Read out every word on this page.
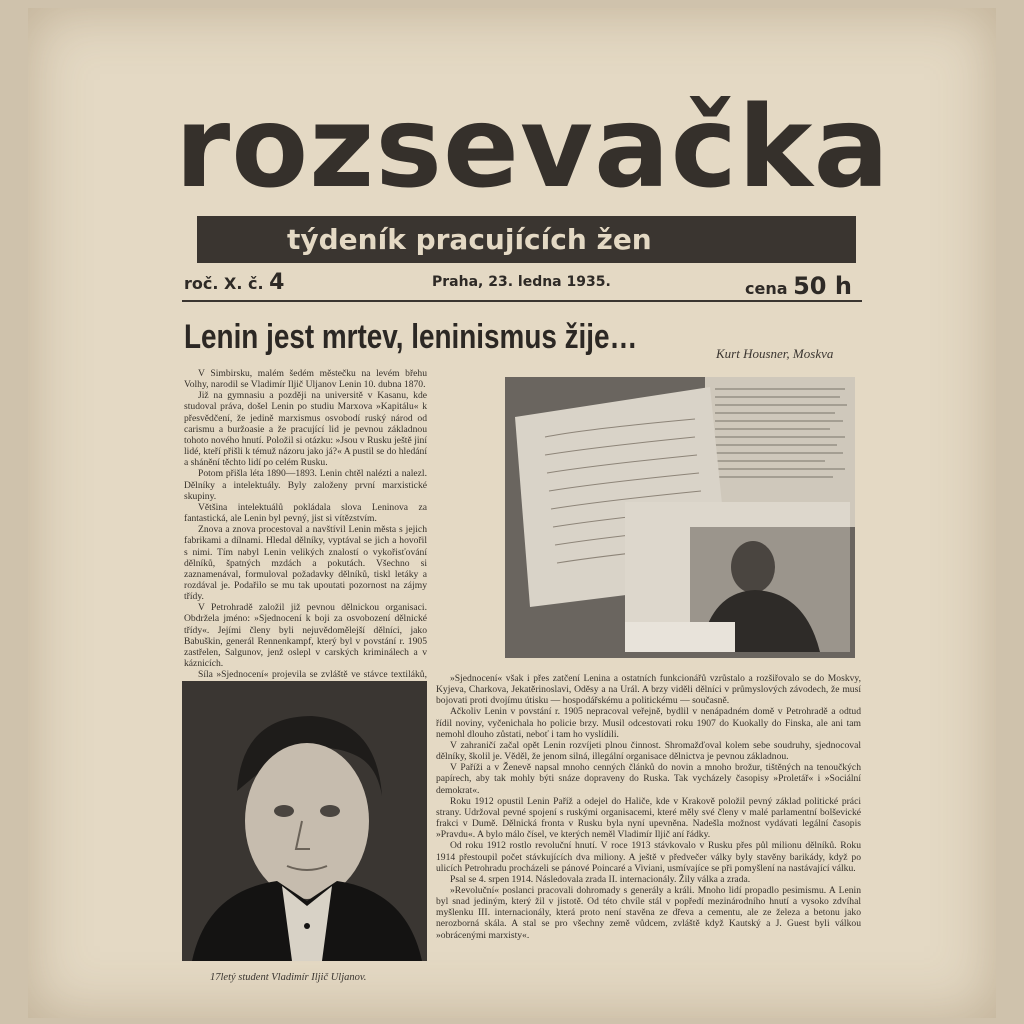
rozsevačka
týdeník pracujících žen
roč. X. č. 4	Praha, 23. ledna 1935.	cena 50 h
Lenin jest mrtev, leninismus žije…	Kurt Housner, Moskva

V Simbirsku, malém šedém městečku na levém břehu Volhy, narodil se Vladimír Iljič Uljanov Lenin 10. dubna 1870.

Již na gymnasiu a později na universitě v Kasanu, kde studoval práva, došel Lenin po studiu Marxova »Kapitálu« k přesvědčení, že jedině marxismus osvobodí ruský národ od carismu a buržoasie a že pracující lid je pevnou základnou tohoto nového hnutí. Položil si otázku: »Jsou v Rusku ještě jiní lidé, kteří přišli k témuž názoru jako já?« A pustil se do hledání a shánění těchto lidí po celém Rusku.

Potom přišla léta 1890—1893. Lenin chtěl nalézti a nalezl. Dělníky a intelektuály. Byly založeny první marxistické skupiny.

Většina intelektuálů pokládala slova Leninova za fantastická, ale Lenin byl pevný, jist si vítězstvím.

Znova a znova procestoval a navštívil Lenin města s jejich fabrikami a dílnami. Hledal dělníky, vyptával se jich a hovořil s nimi. Tím nabyl Lenin velikých znalostí o vykořisťování dělníků, špatných mzdách a pokutách. Všechno si zaznamenával, formuloval požadavky dělníků, tiskl letáky a rozdával je. Podařilo se mu tak upoutati pozornost na zájmy třídy.

V Petrohradě založil již pevnou dělnickou organisaci. Obdržela jméno: »Sjednocení k boji za osvobození dělnické třídy«. Jejími členy byli nejuvědomělejší dělníci, jako Babuškin, generál Rennenkampf, který byl v povstání r. 1905 zastřelen, Salgunov, jenž oslepl v carských kriminálech a v káznicích.

Síla »Sjednocení« projevila se zvláště ve stávce textiláků,

17letý student Vladimír Iljič Uljanov.

»Sjednocení« však i přes zatčení Lenina a ostatních funkcionářů vzrůstalo a rozšiřovalo se do Moskvy, Kyjeva, Charkova, Jekatěrinoslavi, Oděsy a na Urál. A brzy viděli dělníci v průmyslových závodech, že musí bojovati proti dvojímu útisku — hospodářskému a politickému — současně.

Ačkoliv Lenin v povstání r. 1905 nepracoval veřejně, bydlil v nenápadném domě v Petrohradě a odtud řídil noviny, vyčenichala ho policie brzy. Musil odcestovati roku 1907 do Kuokally do Finska, ale ani tam nemohl dlouho zůstati, neboť i tam ho vyslídili.

V zahraničí začal opět Lenin rozvíjeti plnou činnost. Shromažďoval kolem sebe soudruhy, sjednocoval dělníky, školil je. Věděl, že jenom silná, illegální organisace dělnictva je pevnou základnou.

V Paříži a v Ženevě napsal mnoho cenných článků do novin a mnoho brožur, tištěných na tenoučkých papírech, aby tak mohly býti snáze dopraveny do Ruska. Tak vycházely časopisy »Proletář« i »Sociální demokrat«.

Roku 1912 opustil Lenin Paříž a odejel do Haliče, kde v Krakově položil pevný základ politické práci strany. Udržoval pevné spojení s ruskými organisacemi, které měly své členy v malé parlamentní bolševické frakci v Dumě. Dělnická fronta v Rusku byla nyní upevněna. Nadešla možnost vydávati legální časopis »Pravdu«. A bylo málo čísel, ve kterých neměl Vladimír Iljič aní řádky.

Od roku 1912 rostlo revoluční hnutí. V roce 1913 stávkovalo v Rusku přes půl milionu dělníků. Roku 1914 přestoupil počet stávkujících dva miliony. A ještě v předvečer války byly stavěny barikády, když po ulicích Petrohradu procházeli se pánové Poincaré a Viviani, usmívajíce se při pomyšlení na nastávající válku.

Psal se 4. srpen 1914. Následovala zrada II. internacionály. Žily válka a zrada.

»Revoluční« poslanci pracovali dohromady s generály a králi. Mnoho lidí propadlo pesimismu. A Lenin byl snad jediným, který žil v jistotě. Od této chvíle stál v popředí mezinárodního hnutí a vysoko zdvíhal myšlenku III. internacionály, která proto není stavěna ze dřeva a cementu, ale ze železa a betonu jako nerozborná skála. A stal se pro všechny země vůdcem, zvláště když Kautský a J. Guest byli válkou »obrácenými marxisty«.
